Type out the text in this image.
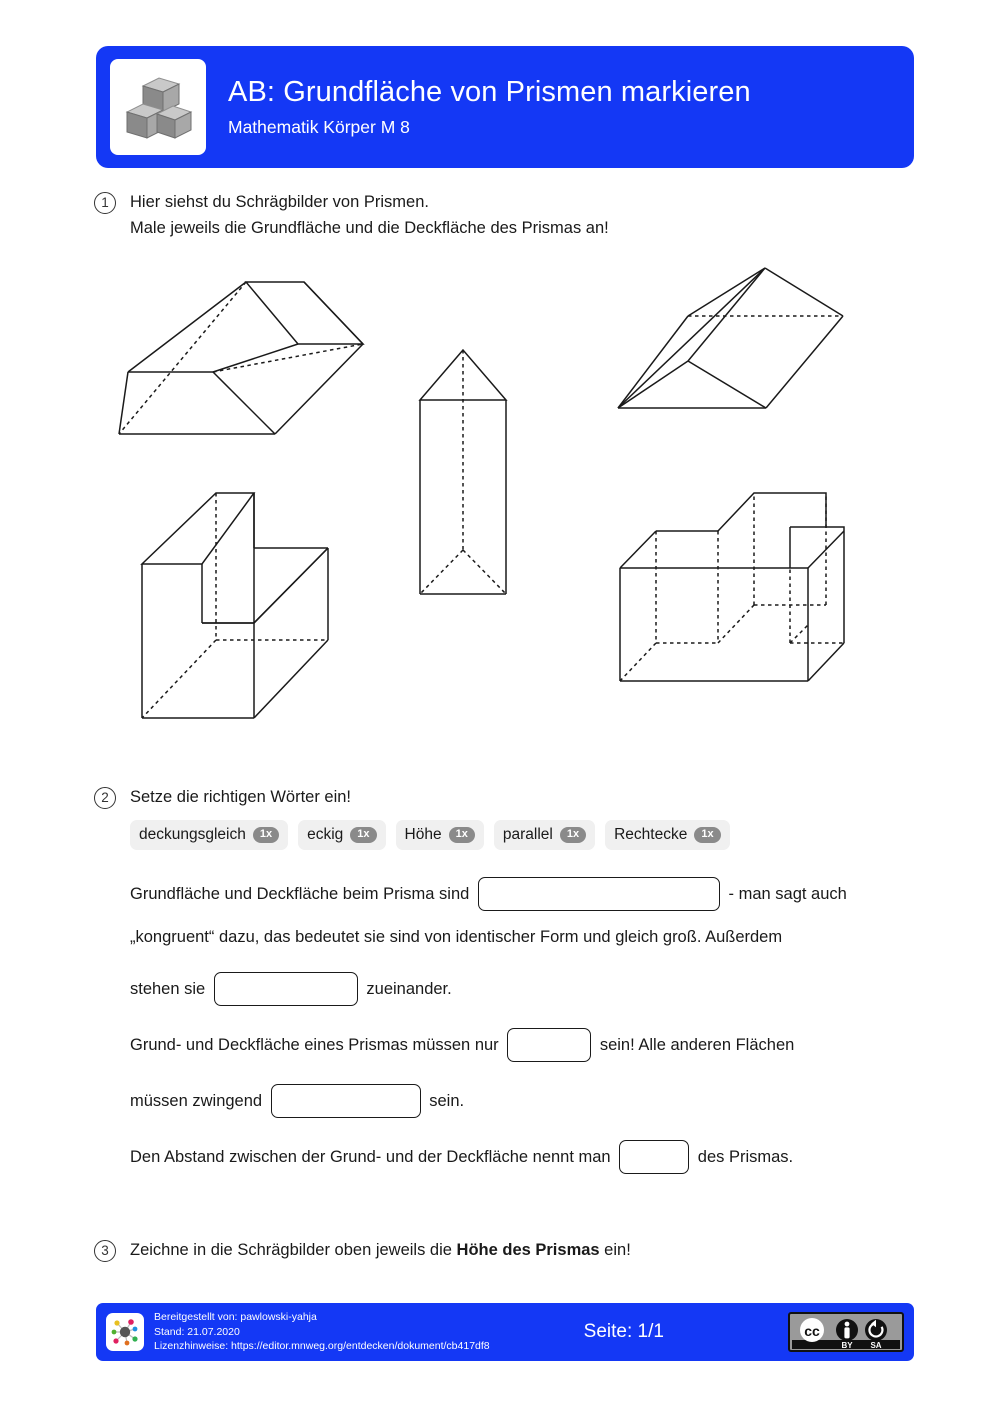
AB: Grundfläche von Prismen markieren
Mathematik Körper M 8
1	Hier siehst du Schrägbilder von Prismen.
Male jeweils die Grundfläche und die Deckfläche des Prismas an!
2	Setze die richtigen Wörter ein!
deckungsgleich	1x	eckig	1x	Höhe	1x	parallel	1x	Rechtecke	1x
Grundfläche und Deckfläche beim Prisma sind	- man sagt auch
„kongruent“ dazu, das bedeutet sie sind von identischer Form und gleich groß. Außerdem
stehen sie	zueinander.
Grund- und Deckfläche eines Prismas müssen nur	sein! Alle anderen Flächen
müssen zwingend	sein.
Den Abstand zwischen der Grund- und der Deckfläche nennt man	des Prismas.
3	Zeichne in die Schrägbilder oben jeweils die Höhe des Prismas ein!
Bereitgestellt von: pawlowski-yahja
Stand: 21.07.2020
Lizenzhinweise: https://editor.mnweg.org/entdecken/dokument/cb417df8
Seite: 1/1	cc
BY SA
